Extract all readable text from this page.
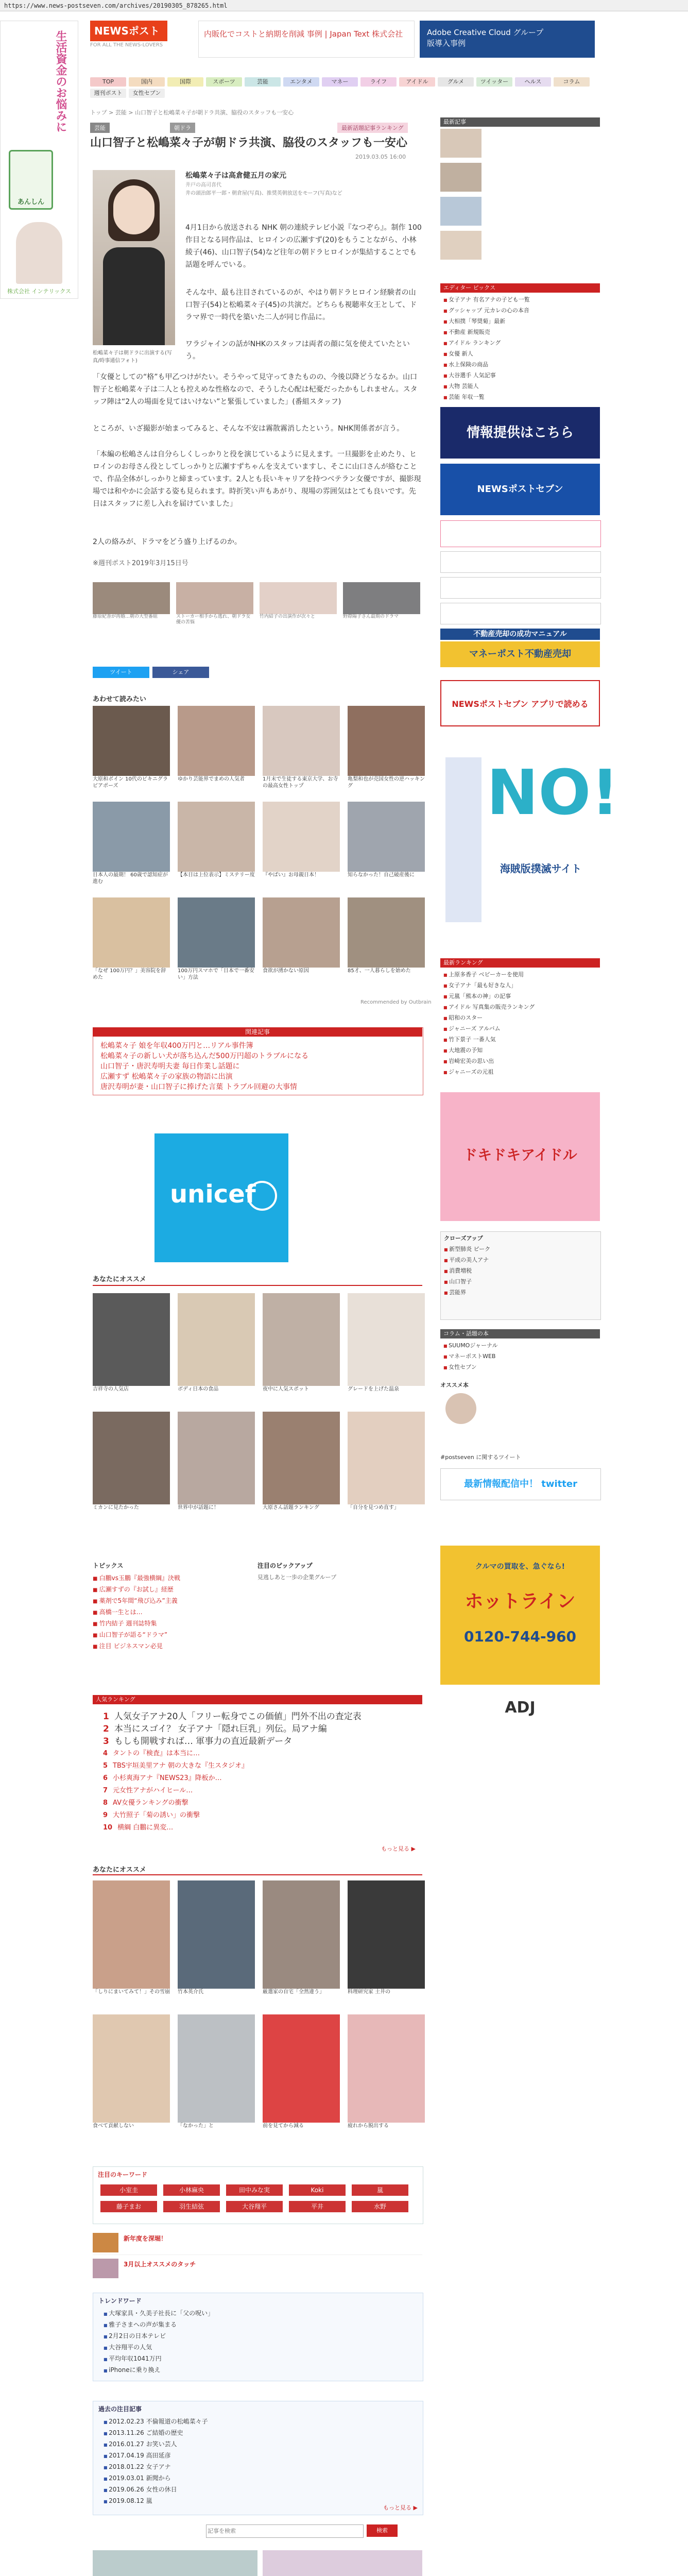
https://www.news-postseven.com/archives/20190305_878265.html
生活資金のお悩みに
あんしん
株式会社 インテリックス
NEWSポスト
FOR ALL THE NEWS-LOVERS
内販化でコストと納期を削減 事例 | Japan Text 株式会社	Adobe Creative Cloud グループ版導入事例
TOP	国内	国際	スポーツ	芸能	エンタメ	マネー	ライフ	アイドル	グルメ	ツイッター	ヘルス	コラム
週刊ポスト	女性セブン
トップ > 芸能 > 山口智子と松嶋菜々子が朝ドラ共演、脇役のスタッフも一安心
芸能	朝ドラ	最新話題記事ランキング
山口智子と松嶋菜々子が朝ドラ共演、脇役のスタッフも一安心
2019.03.05 16:00
松嶋菜々子は朝ドラに出演する(写真/時事通信フォト)
松嶋菜々子は高倉健五月の家元
井戸の高司喜代
井の頭治郎平一郎・朝倉屋(写真)、推奨英朝放送をモーフ(写真)など
4月1日から放送される NHK 朝の連続テレビ小説『なつぞら』。制作 100 作目となる同作品は、ヒロインの広瀬すず(20)をもうことながら、小林綾子(46)、山口智子(54)など往年の朝ドラヒロインが集結することでも話題を呼んでいる。
そんな中、最も注目されているのが、やはり朝ドラヒロイン経験者の山口智子(54)と松嶋菜々子(45)の共演だ。どちらも視聴率女王として、ドラマ界で一時代を築いた二人が同じ作品に。
ワラジャインの話がNHKのスタッフは両者の顔に気を使えていたという。
「女優としての“格”も甲乙つけがたい。そうやって見守ってきたものの、今後以降どうなるか。山口智子と松嶋菜々子は二人とも控えめな性格なので、そうした心配は杞憂だったかもしれません。スタッフ陣は“2人の場面を見てはいけない”と緊張していました」(番組スタッフ)
ところが、いざ撮影が始まってみると、そんな不安は霧散霧消したという。NHK関係者が言う。
「本編の松嶋さんは自分らしくしっかりと役を演じているように見えます。一旦撮影を止めたり、ヒロインのお母さん役としてしっかりと広瀬すずちゃんを支えていますし、そこに山口さんが絡むことで、作品全体がしっかりと締まっています。2人とも長いキャリアを持つベテラン女優ですが、撮影現場では和やかに会話する姿も見られます。時折笑い声もあがり、現場の雰囲気はとても良いです。先日はスタッフに差し入れを届けていました」
2人の絡みが、ドラマをどう盛り上げるのか。
※週刊ポスト2019年3月15日号
藤原紀香が再婚…朝の大型番組	ストーカー相手から逃れ、朝ドラ女優の苦悩
竹内結子の出演作が次々と	野際陽子さん最期のドラマ
ツイート	シェア
あわせて読みたい
大原和ボイン 10代のビキニグラビアポーズ
ゆかり芸能界でまめの人気者	1月末で生徒する東京大学、お寺の最高女性トップ
亀梨和也が売国女性の逆ハッキング
日本人の最期！ 60歳で認知症が進む
【本日は上位表示】ミステリー度 『やばい』お母親日本！	知らなかった！自己破産後に
「なぜ 100万円？」美容院を辞めた
100万円スマホで「日本で一番安い」方法
食欲が湧かない原因	85才、一人暮らしを始めた
Recommended by Outbrain
関連記事
松嶋菜々子 娘を年収400万円と…リアル事件簿
松嶋菜々子の新しい犬が落ち込んだ500万円超のトラブルになる
山口智子・唐沢寿明夫妻 毎日作業し話題に
広瀬すず 松嶋菜々子の家族の物語に出演
唐沢寿明が妻・山口智子に捧げた言葉 トラブル回避の大事情
unicef
あなたにオススメ
吉祥寺の人気店	ボディ日本の食品	夜中に人気スポット	グレードを上げた温泉
ミカンに見たかった	世界中が話題に！	大原さん話題ランキング	「自分を見つめ直す」
トピックス
■ 白鵬vs玉鵬『最強横綱』決戦
■ 広瀬すずの『お試し』経歴
■ 薬剤で5年間“飛び込み”主義
■ 高橋一生とは…
■ 竹内結子 週刊誌特集
■ 山口智子が語る“ドラマ”
■ 注目 ビジネスマン必見
注目のピックアップ
見逃しあと一歩の企業グループ
人気ランキング
1 人気女子アナ20人「フリー転身でこの価値」門外不出の査定表
2 本当にスゴイ？ 女子アナ「隠れ巨乳」列伝。局アナ編
3 もしも開戦すれば… 軍事力の直近最新データ
4 タントの『検査』は本当に…
5 TBS宇垣美里アナ 朝の大きな『生スタジオ』
6 小杉爽海アナ『NEWS23』降板か…
7 元女性アナがハイヒール…
8 AV女優ランキングの衝撃
9 大竹照子「菊の誘い」の衝撃
10 横綱 白鵬に異変…
もっと見る ▶
あなたにオススメ
「しりにまいてみて！」その雪崩 竹本英介氏	厳選家の自宅「全然違う」	料理研究家 土井の
食べて貢献しない	「なかった」と	前を見てから減る	疲れから脱出する
注目のキーワード
小室圭	小林麻央	田中みな実	Koki	嵐
藤子まお	羽生結弦	大谷翔平	平井	水野
新年度を深堀！
3月以上オススメのタッチ
トレンドワード
■ 大塚家具・久美子社長に「父の呪い」
■ 雅子さまへの声が集まる
■ 2月2日の日本テレビ
■ 大谷翔平の人気
■ 平均年収1041万円
■ iPhoneに乗り換え
過去の注目記事
■ 2012.02.23 不倫報道の松嶋菜々子
■ 2013.11.26 ご結婚の歴史
■ 2016.01.27 お笑い芸人
■ 2017.04.19 高田延彦
■ 2018.01.22 女子アナ
■ 2019.03.01 新聞から
■ 2019.06.26 女性の休日
■ 2019.08.12 嵐
もっと見る ▶
記事を検索
検索
最新記事
エディター ピックス
■ 女子アナ 有名アナの子ども一覧
■ グッシャップ 元カレの心の本音
■ 大相撲「琴奨菊」最新
■ 不動産 新規販売
■ アイドル ランキング
■ 女優 新人
■ 水上保険の商品
■ 大谷選手 人気記事
■ 大物 芸能人
■ 芸能 年収一覧
情報提供はこちら
NEWSポストセブン
不動産売却の成功マニュアル
マネーポスト不動産売却
NEWSポストセブン アプリで読める
NO!
海賊版撲滅サイト
最新ランキング
■ 上原多香子 ベビーカーを使用
■ 女子アナ「最も好きな人」
■ 元嵐「熊本の神」の記事
■ アイドル 写真集の販売ランキング
■ 昭和のスター
■ ジャニーズ アルバム
■ 竹下景子 一番人気
■ 大地震の予知
■ 岩崎宏美の思い出
■ ジャニーズの元祖
ドキドキアイドル
クローズアップ
■ 新型肺炎 ピーク
■ 平成の美人アナ
■ 消費増税
■ 山口智子
■ 芸能界
コラム・話題の本
■ SUUMOジャーナル
■ マネーポストWEB
■ 女性セブン
オススメ本
#postseven に関するツイート
最新情報配信中！ twitter
クルマの買取を、急ぐなら!
ホットライン
0120-744-960
ADJ
